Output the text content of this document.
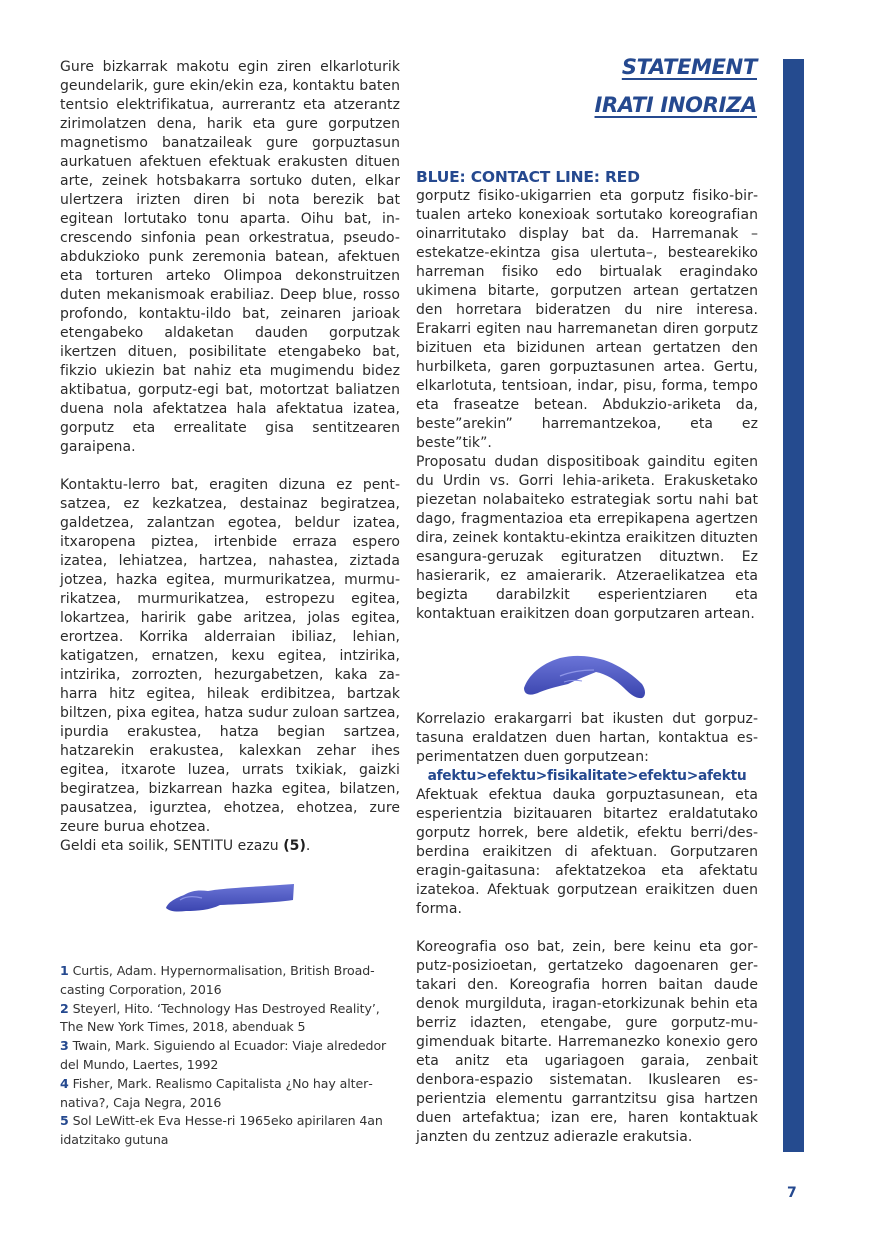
STATEMENT
IRATI INORIZA

Gure bizkarrak makotu egin ziren elkarloturik geundelarik, gure ekin/ekin eza, kontaktu baten tentsio elektrifikatua, aurrerantz eta atzerantz zirimolatzen dena, harik eta gure gorputzen magnetismo banatzaileak gure gorpuztasun aurkatuen afektuen efektuak erakusten dituen arte, zeinek hotsbakarra sortuko duten, elkar ulertzera irizten diren bi nota berezik bat egitean lortutako tonu aparta. Oihu bat, in-crescendo sinfonia pean orkestratua, pseudo-abdukzioko punk zeremonia batean, afektuen eta torturen arteko Olimpoa dekonstruitzen duten mekanismoak erabiliaz. Deep blue, rosso profondo, kontaktu-ildo bat, zeinaren jarioak etengabeko aldaketan dauden gorputzak ikertzen dituen, posibilitate etengabeko bat, fikzio ukiezin bat nahiz eta mugimendu bidez aktibatua, gorputz-egi bat, motortzat baliatzen duena nola afektatzea hala afektatua izatea, gorputz eta errealitate gisa sentitzearen garaipena.

Kontaktu-lerro bat, eragiten dizuna ez pentsatzea, ez kezkatzea, destainaz begiratzea, galdetzea, zalantzan egotea, beldur izatea, itxaropena piztea, irtenbide erraza espero izatea, lehiatzea, hartzea, nahastea, ziztada jotzea, hazka egitea, murmurikatzea, murmurikatzea, murmurikatzea, estropezu egitea, lokartzea, haririk gabe aritzea, jolas egitea, erortzea. Korrika alderraian ibiliaz, lehian, katigatzen, ernatzen, kexu egitea, intzirika, intzirika, zorrozten, hezurgabetzen, kaka zaharra hitz egitea, hileak erdibitzea, bartzak biltzen, pixa egitea, hatza sudur zuloan sartzea, ipurdia erakustea, hatza begian sartzea, hatzarekin erakustea, kalexkan zehar ihes egitea, itxarote luzea, urrats txikiak, gaizki begiratzea, bizkarrean hazka egitea, bilatzen, pausatzea, igurztea, ehotzea, ehotzea, zure zeure burua ehotzea.

Geldi eta soilik, SENTITU ezazu (5).

1 Curtis, Adam. Hypernormalisation, British Broadcasting Corporation, 2016

2 Steyerl, Hito. ‘Technology Has Destroyed Reality’, The New York Times, 2018, abenduak 5

3 Twain, Mark. Siguiendo al Ecuador: Viaje alrededor del Mundo, Laertes, 1992

4 Fisher, Mark. Realismo Capitalista ¿No hay alternativa?, Caja Negra, 2016

5 Sol LeWitt-ek Eva Hesse-ri 1965eko apirilaren 4an idatzitako gutuna

BLUE: CONTACT LINE: RED

gorputz fisiko-ukigarrien eta gorputz fisiko-birtualen arteko konexioak sortutako koreografian oinarritutako display bat da. Harremanak –estekatze-ekintza gisa ulertuta–, bestearekiko harreman fisiko edo birtualak eragindako ukimena bitarte, gorputzen artean gertatzen den horretara bideratzen du nire interesa. Erakarri egiten nau harremanetan diren gorputz bizituen eta bizidunen artean gertatzen den hurbilketa, garen gorpuztasunen artea. Gertu, elkarlotuta, tentsioan, indar, pisu, forma, tempo eta fraseatze betean. Abdukzio-ariketa da, beste”arekin” harremantzekoa, eta ez beste”tik”.

Proposatu dudan dispositiboak gainditu egiten du Urdin vs. Gorri lehia-ariketa. Erakusketako piezetan nolabaiteko estrategiak sortu nahi bat dago, fragmentazioa eta errepikapena agertzen dira, zeinek kontaktu-ekintza eraikitzen dituzten esangura-geruzak egituratzen dituztwn. Ez hasierarik, ez amaierarik. Atzeraelikatzea eta begizta darabilzkit esperientziaren eta kontaktuan eraikitzen doan gorputzaren artean.

Korrelazio erakargarri bat ikusten dut gorpuztasuna eraldatzen duen hartan, kontaktua esperimentatzen duen gorputzean:

afektu>efektu>fisikalitate>efektu>afektu

Afektuak efektua dauka gorpuztasunean, eta esperientzia bizitauaren bitartez eraldatutako gorputz horrek, bere aldetik, efektu berri/desberdina eraikitzen di afektuan. Gorputzaren eragin-gaitasuna: afektatzekoa eta afektatu izatekoa. Afektuak gorputzean eraikitzen duen forma.

Koreografia oso bat, zein, bere keinu eta gorputz-posizioetan, gertatzeko dagoenaren gertakari den. Koreografia horren baitan daude denok murgilduta, iragan-etorkizunak behin eta berriz idazten, etengabe, gure gorputz-mugimenduak bitarte. Harremanezko konexio gero eta anitz eta ugariagoen garaia, zenbait denbora-espazio sistematan. Ikuslearen esperientzia elementu garrantzitsu gisa hartzen duen artefaktua; izan ere, haren kontaktuak janzten du zentzuz adierazle erakutsia.

7
